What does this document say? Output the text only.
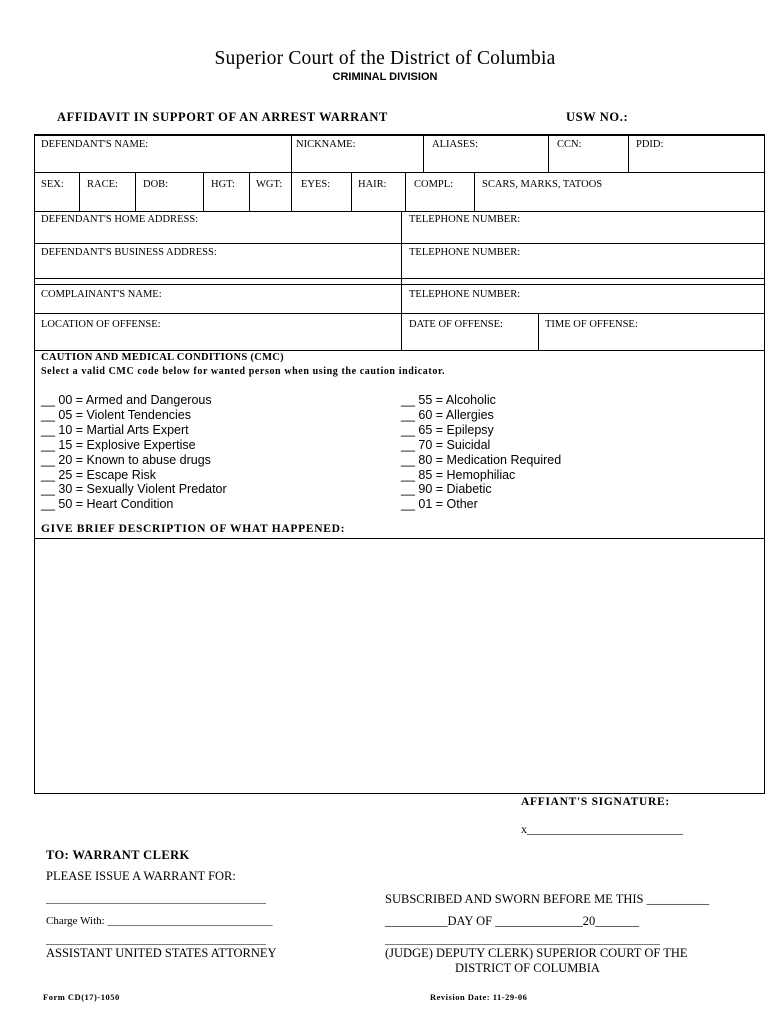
Superior Court of the District of Columbia
CRIMINAL DIVISION
AFFIDAVIT IN SUPPORT OF AN ARREST WARRANT	USW NO.:
DEFENDANT'S NAME:	NICKNAME:	ALIASES:	CCN:	PDID:
SEX: RACE: DOB:	HGT: WGT: EYES:	HAIR:	COMPL:	SCARS, MARKS, TATOOS
DEFENDANT'S HOME ADDRESS:	TELEPHONE NUMBER:
DEFENDANT'S BUSINESS ADDRESS:	TELEPHONE NUMBER:
COMPLAINANT'S NAME:	TELEPHONE NUMBER:
LOCATION OF OFFENSE:	DATE OF OFFENSE:	TIME OF OFFENSE:
CAUTION AND MEDICAL CONDITIONS (CMC)
Select a valid CMC code below for wanted person when using the caution indicator.
__ 00 = Armed and Dangerous
__ 05 = Violent Tendencies
__ 10 = Martial Arts Expert
__ 15 = Explosive Expertise
__ 20 = Known to abuse drugs
__ 25 = Escape Risk
__ 30 = Sexually Violent Predator
__ 50 = Heart Condition
__ 55 = Alcoholic
__ 60 = Allergies
__ 65 = Epilepsy
__ 70 = Suicidal
__ 80 = Medication Required
__ 85 = Hemophiliac
__ 90 = Diabetic
__ 01 = Other
GIVE BRIEF DESCRIPTION OF WHAT HAPPENED:
AFFIANT'S SIGNATURE:
x__________________________
TO: WARRANT CLERK
PLEASE ISSUE A WARRANT FOR:
________________________________________
Charge With: ______________________________
________________________________________
ASSISTANT UNITED STATES ATTORNEY
SUBSCRIBED AND SWORN BEFORE ME THIS __________
__________DAY OF ______________20_______
__________________________________________________
(JUDGE) DEPUTY CLERK) SUPERIOR COURT OF THE
DISTRICT OF COLUMBIA
Form CD(17)-1050	Revision Date: 11-29-06
